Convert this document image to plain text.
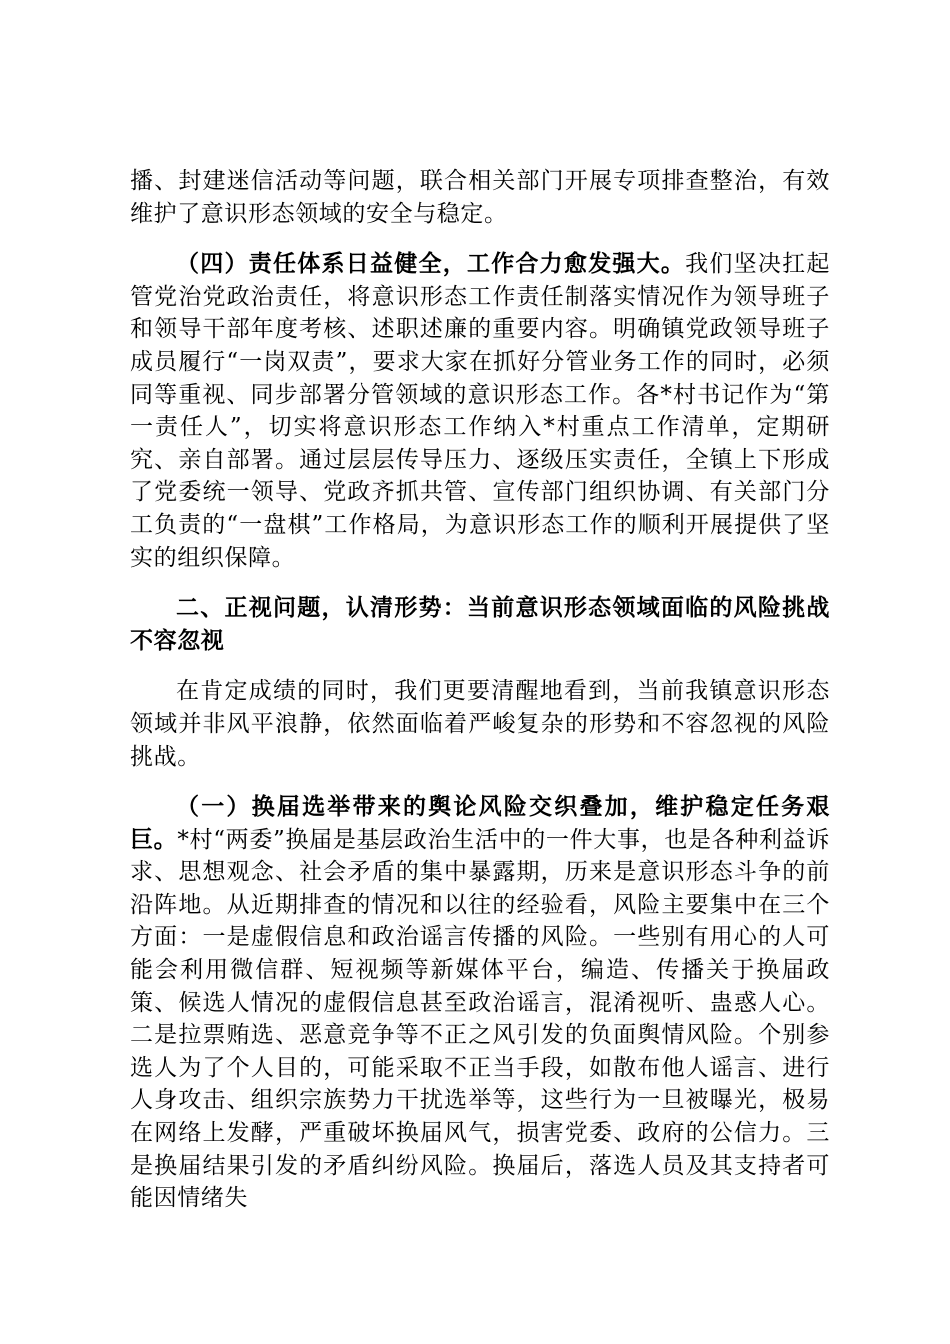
播、封建迷信活动等问题，联合相关部门开展专项排查整治，有效维护了意识形态领域的安全与稳定。

（四）责任体系日益健全，工作合力愈发强大。我们坚决扛起管党治党政治责任，将意识形态工作责任制落实情况作为领导班子和领导干部年度考核、述职述廉的重要内容。明确镇党政领导班子成员履行“一岗双责”，要求大家在抓好分管业务工作的同时，必须同等重视、同步部署分管领域的意识形态工作。各*村书记作为“第一责任人”，切实将意识形态工作纳入*村重点工作清单，定期研究、亲自部署。通过层层传导压力、逐级压实责任，全镇上下形成了党委统一领导、党政齐抓共管、宣传部门组织协调、有关部门分工负责的“一盘棋”工作格局，为意识形态工作的顺利开展提供了坚实的组织保障。

二、正视问题，认清形势：当前意识形态领域面临的风险挑战不容忽视

在肯定成绩的同时，我们更要清醒地看到，当前我镇意识形态领域并非风平浪静，依然面临着严峻复杂的形势和不容忽视的风险挑战。

（一）换届选举带来的舆论风险交织叠加，维护稳定任务艰巨。*村“两委”换届是基层政治生活中的一件大事，也是各种利益诉求、思想观念、社会矛盾的集中暴露期，历来是意识形态斗争的前沿阵地。从近期排查的情况和以往的经验看，风险主要集中在三个方面：一是虚假信息和政治谣言传播的风险。一些别有用心的人可能会利用微信群、短视频等新媒体平台，编造、传播关于换届政策、候选人情况的虚假信息甚至政治谣言，混淆视听、蛊惑人心。二是拉票贿选、恶意竞争等不正之风引发的负面舆情风险。个别参选人为了个人目的，可能采取不正当手段，如散布他人谣言、进行人身攻击、组织宗族势力干扰选举等，这些行为一旦被曝光，极易在网络上发酵，严重破坏换届风气，损害党委、政府的公信力。三是换届结果引发的矛盾纠纷风险。换届后，落选人员及其支持者可能因情绪失
